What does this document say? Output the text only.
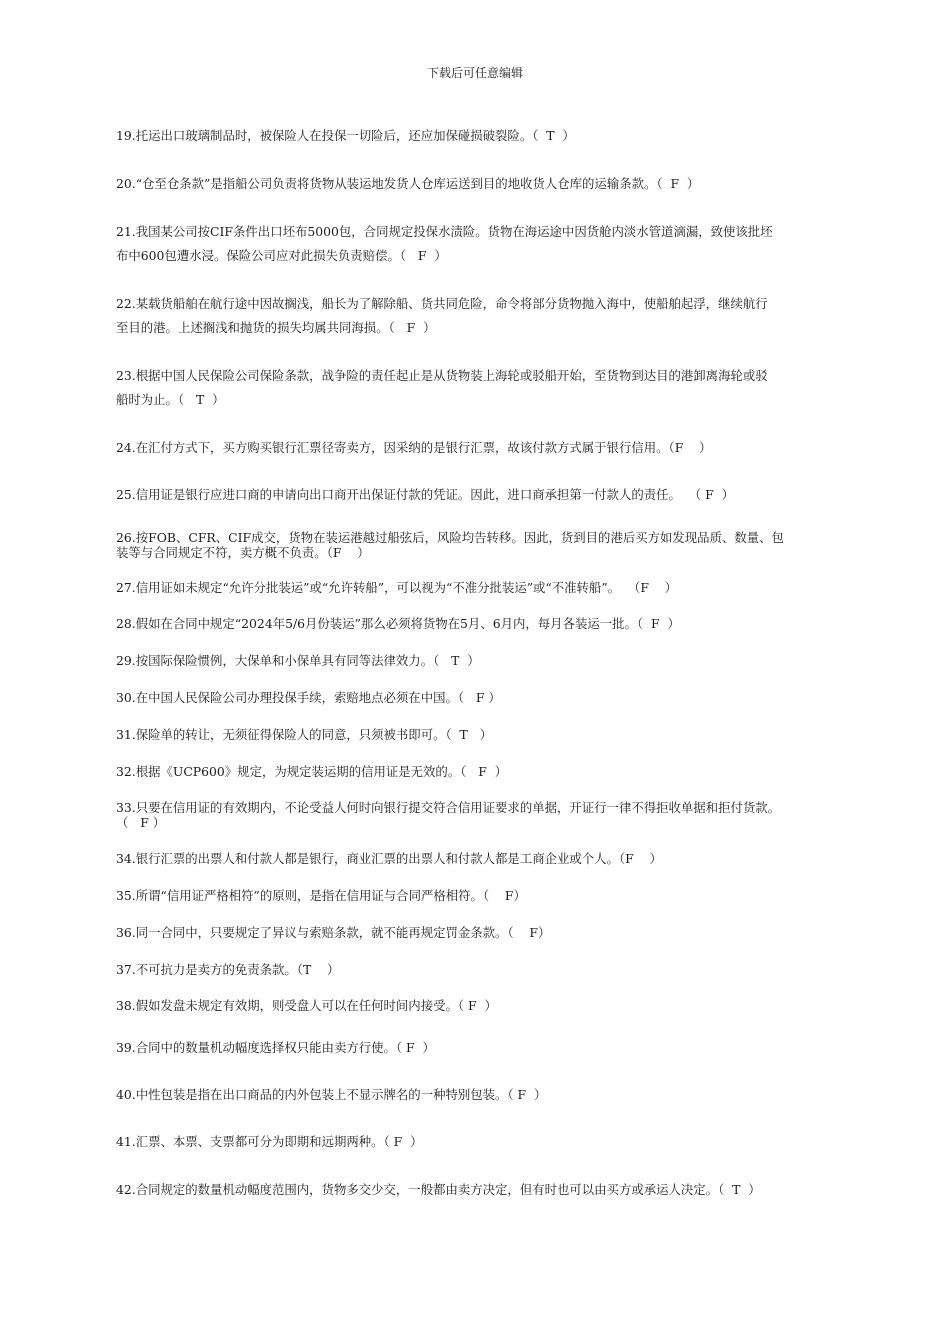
下载后可任意编辑
19.托运出口玻璃制品时，被保险人在投保一切险后，还应加保碰损破裂险。（  T  ）
20.“仓至仓条款”是指船公司负责将货物从装运地发货人仓库运送到目的地收货人仓库的运输条款。（  F  ）
21.我国某公司按CIF条件出口坯布5000包，合同规定投保水渍险。货物在海运途中因货舱内淡水管道滴漏，致使该批坯
布中600包遭水浸。保险公司应对此损失负责赔偿。（   F  ）
22.某载货船舶在航行途中因故搁浅，船长为了解除船、货共同危险，命令将部分货物抛入海中，使船舶起浮，继续航行
至目的港。上述搁浅和抛货的损失均属共同海损。（   F  ）
23.根据中国人民保险公司保险条款，战争险的责任起止是从货物装上海轮或驳船开始，至货物到达目的港卸离海轮或驳
船时为止。（   T  ）
24.在汇付方式下，买方购买银行汇票径寄卖方，因采纳的是银行汇票，故该付款方式属于银行信用。（F    ）
25.信用证是银行应进口商的申请向出口商开出保证付款的凭证。因此，进口商承担第一付款人的责任。  （ F  ）
26.按FOB、CFR、CIF成交，货物在装运港越过船弦后，风险均告转移。因此，货到目的港后买方如发现品质、数量、包
装等与合同规定不符，卖方概不负责。（F    ）
27.信用证如未规定“允许分批装运”或“允许转船”，可以视为“不准分批装运”或“不准转船”。  （F    ）
28.假如在合同中规定“2024年5/6月份装运”那么必须将货物在5月、6月内，每月各装运一批。（  F  ）
29.按国际保险惯例，大保单和小保单具有同等法律效力。（   T  ）
30.在中国人民保险公司办理投保手续，索赔地点必须在中国。（   F ）
31.保险单的转让，无须征得保险人的同意，只须被书即可。（  T   ）
32.根据《UCP600》规定，为规定装运期的信用证是无效的。（   F  ）
33.只要在信用证的有效期内，不论受益人何时向银行提交符合信用证要求的单据，开证行一律不得拒收单据和拒付货款。
（   F ）
34.银行汇票的出票人和付款人都是银行，商业汇票的出票人和付款人都是工商企业或个人。（F    ）
35.所谓“信用证严格相符”的原则，是指在信用证与合同严格相符。（    F）
36.同一合同中，只要规定了异议与索赔条款，就不能再规定罚金条款。（    F）
37.不可抗力是卖方的免责条款。（T    ）
38.假如发盘未规定有效期，则受盘人可以在任何时间内接受。（ F  ）
39.合同中的数量机动幅度选择权只能由卖方行使。（ F  ）
40.中性包装是指在出口商品的内外包装上不显示牌名的一种特别包装。（ F  ）
41.汇票、本票、支票都可分为即期和远期两种。（ F  ）
42.合同规定的数量机动幅度范围内，货物多交少交，一般都由卖方决定，但有时也可以由买方或承运人决定。（  T  ）
